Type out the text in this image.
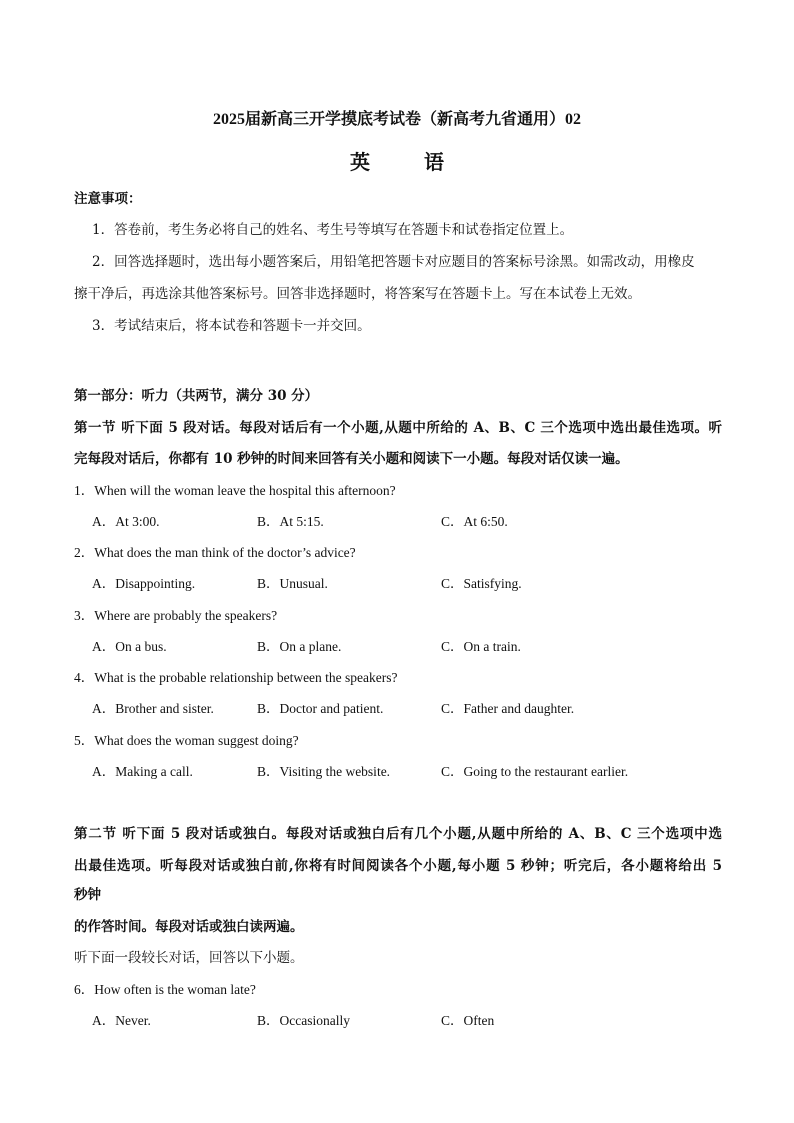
2025届新高三开学摸底考试卷（新高考九省通用）02
英语
注意事项：
1．答卷前，考生务必将自己的姓名、考生号等填写在答题卡和试卷指定位置上。
2．回答选择题时，选出每小题答案后，用铅笔把答题卡对应题目的答案标号涂黑。如需改动，用橡皮
擦干净后，再选涂其他答案标号。回答非选择题时，将答案写在答题卡上。写在本试卷上无效。
3．考试结束后，将本试卷和答题卡一并交回。
第一部分：听力（共两节，满分 30 分）
第一节 听下面 5 段对话。每段对话后有一个小题,从题中所给的 A、B、C 三个选项中选出最佳选项。听
完每段对话后，你都有 10 秒钟的时间来回答有关小题和阅读下一小题。每段对话仅读一遍。
1．When will the woman leave the hospital this afternoon?
A．At 3:00.	B．At 5:15.	C．At 6:50.
2．What does the man think of the doctor’s advice?
A．Disappointing.	B．Unusual.	C．Satisfying.
3．Where are probably the speakers?
A．On a bus.	B．On a plane.	C．On a train.
4．What is the probable relationship between the speakers?
A．Brother and sister.	B．Doctor and patient.	C．Father and daughter.
5．What does the woman suggest doing?
A．Making a call.	B．Visiting the website.	C．Going to the restaurant earlier.
第二节 听下面 5 段对话或独白。每段对话或独白后有几个小题,从题中所给的 A、B、C 三个选项中选
出最佳选项。听每段对话或独白前,你将有时间阅读各个小题,每小题 5 秒钟；听完后，各小题将给出 5
秒钟
的作答时间。每段对话或独白读两遍。
听下面一段较长对话，回答以下小题。
6．How often is the woman late?
A．Never.	B．Occasionally	C．Often
